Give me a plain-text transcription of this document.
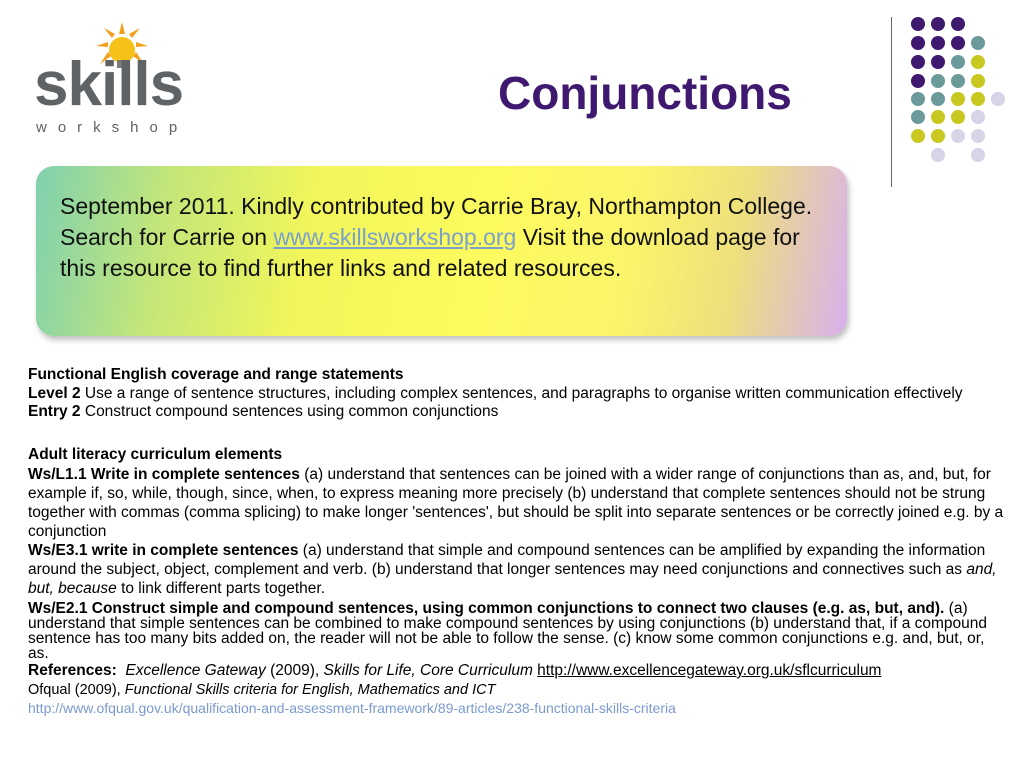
skills
workshop
Conjunctions
September 2011. Kindly contributed by Carrie Bray, Northampton College. Search for Carrie on www.skillsworkshop.org Visit the download page for this resource to find further links and related resources.

Functional English coverage and range statements

Level 2 Use a range of sentence structures, including complex sentences, and paragraphs to organise written communication effectively

Entry 2 Construct compound sentences using common conjunctions

Adult literacy curriculum elements

Ws/L1.1 Write in complete sentences (a) understand that sentences can be joined with a wider range of conjunctions than as, and, but, for example if, so, while, though, since, when, to express meaning more precisely (b) understand that complete sentences should not be strung together with commas (comma splicing) to make longer 'sentences', but should be split into separate sentences or be correctly joined e.g. by a conjunction

Ws/E3.1 write in complete sentences (a) understand that simple and compound sentences can be amplified by expanding the information around the subject, object, complement and verb. (b) understand that longer sentences may need conjunctions and connectives such as and, but, because to link different parts together.

Ws/E2.1 Construct simple and compound sentences, using common conjunctions to connect two clauses (e.g. as, but, and). (a) understand that simple sentences can be combined to make compound sentences by using conjunctions (b) understand that, if a compound sentence has too many bits added on, the reader will not be able to follow the sense. (c) know some common conjunctions e.g. and, but, or, as.

References: Excellence Gateway (2009), Skills for Life, Core Curriculum http://www.excellencegateway.org.uk/sflcurriculum

Ofqual (2009), Functional Skills criteria for English, Mathematics and ICT

http://www.ofqual.gov.uk/qualification-and-assessment-framework/89-articles/238-functional-skills-criteria
